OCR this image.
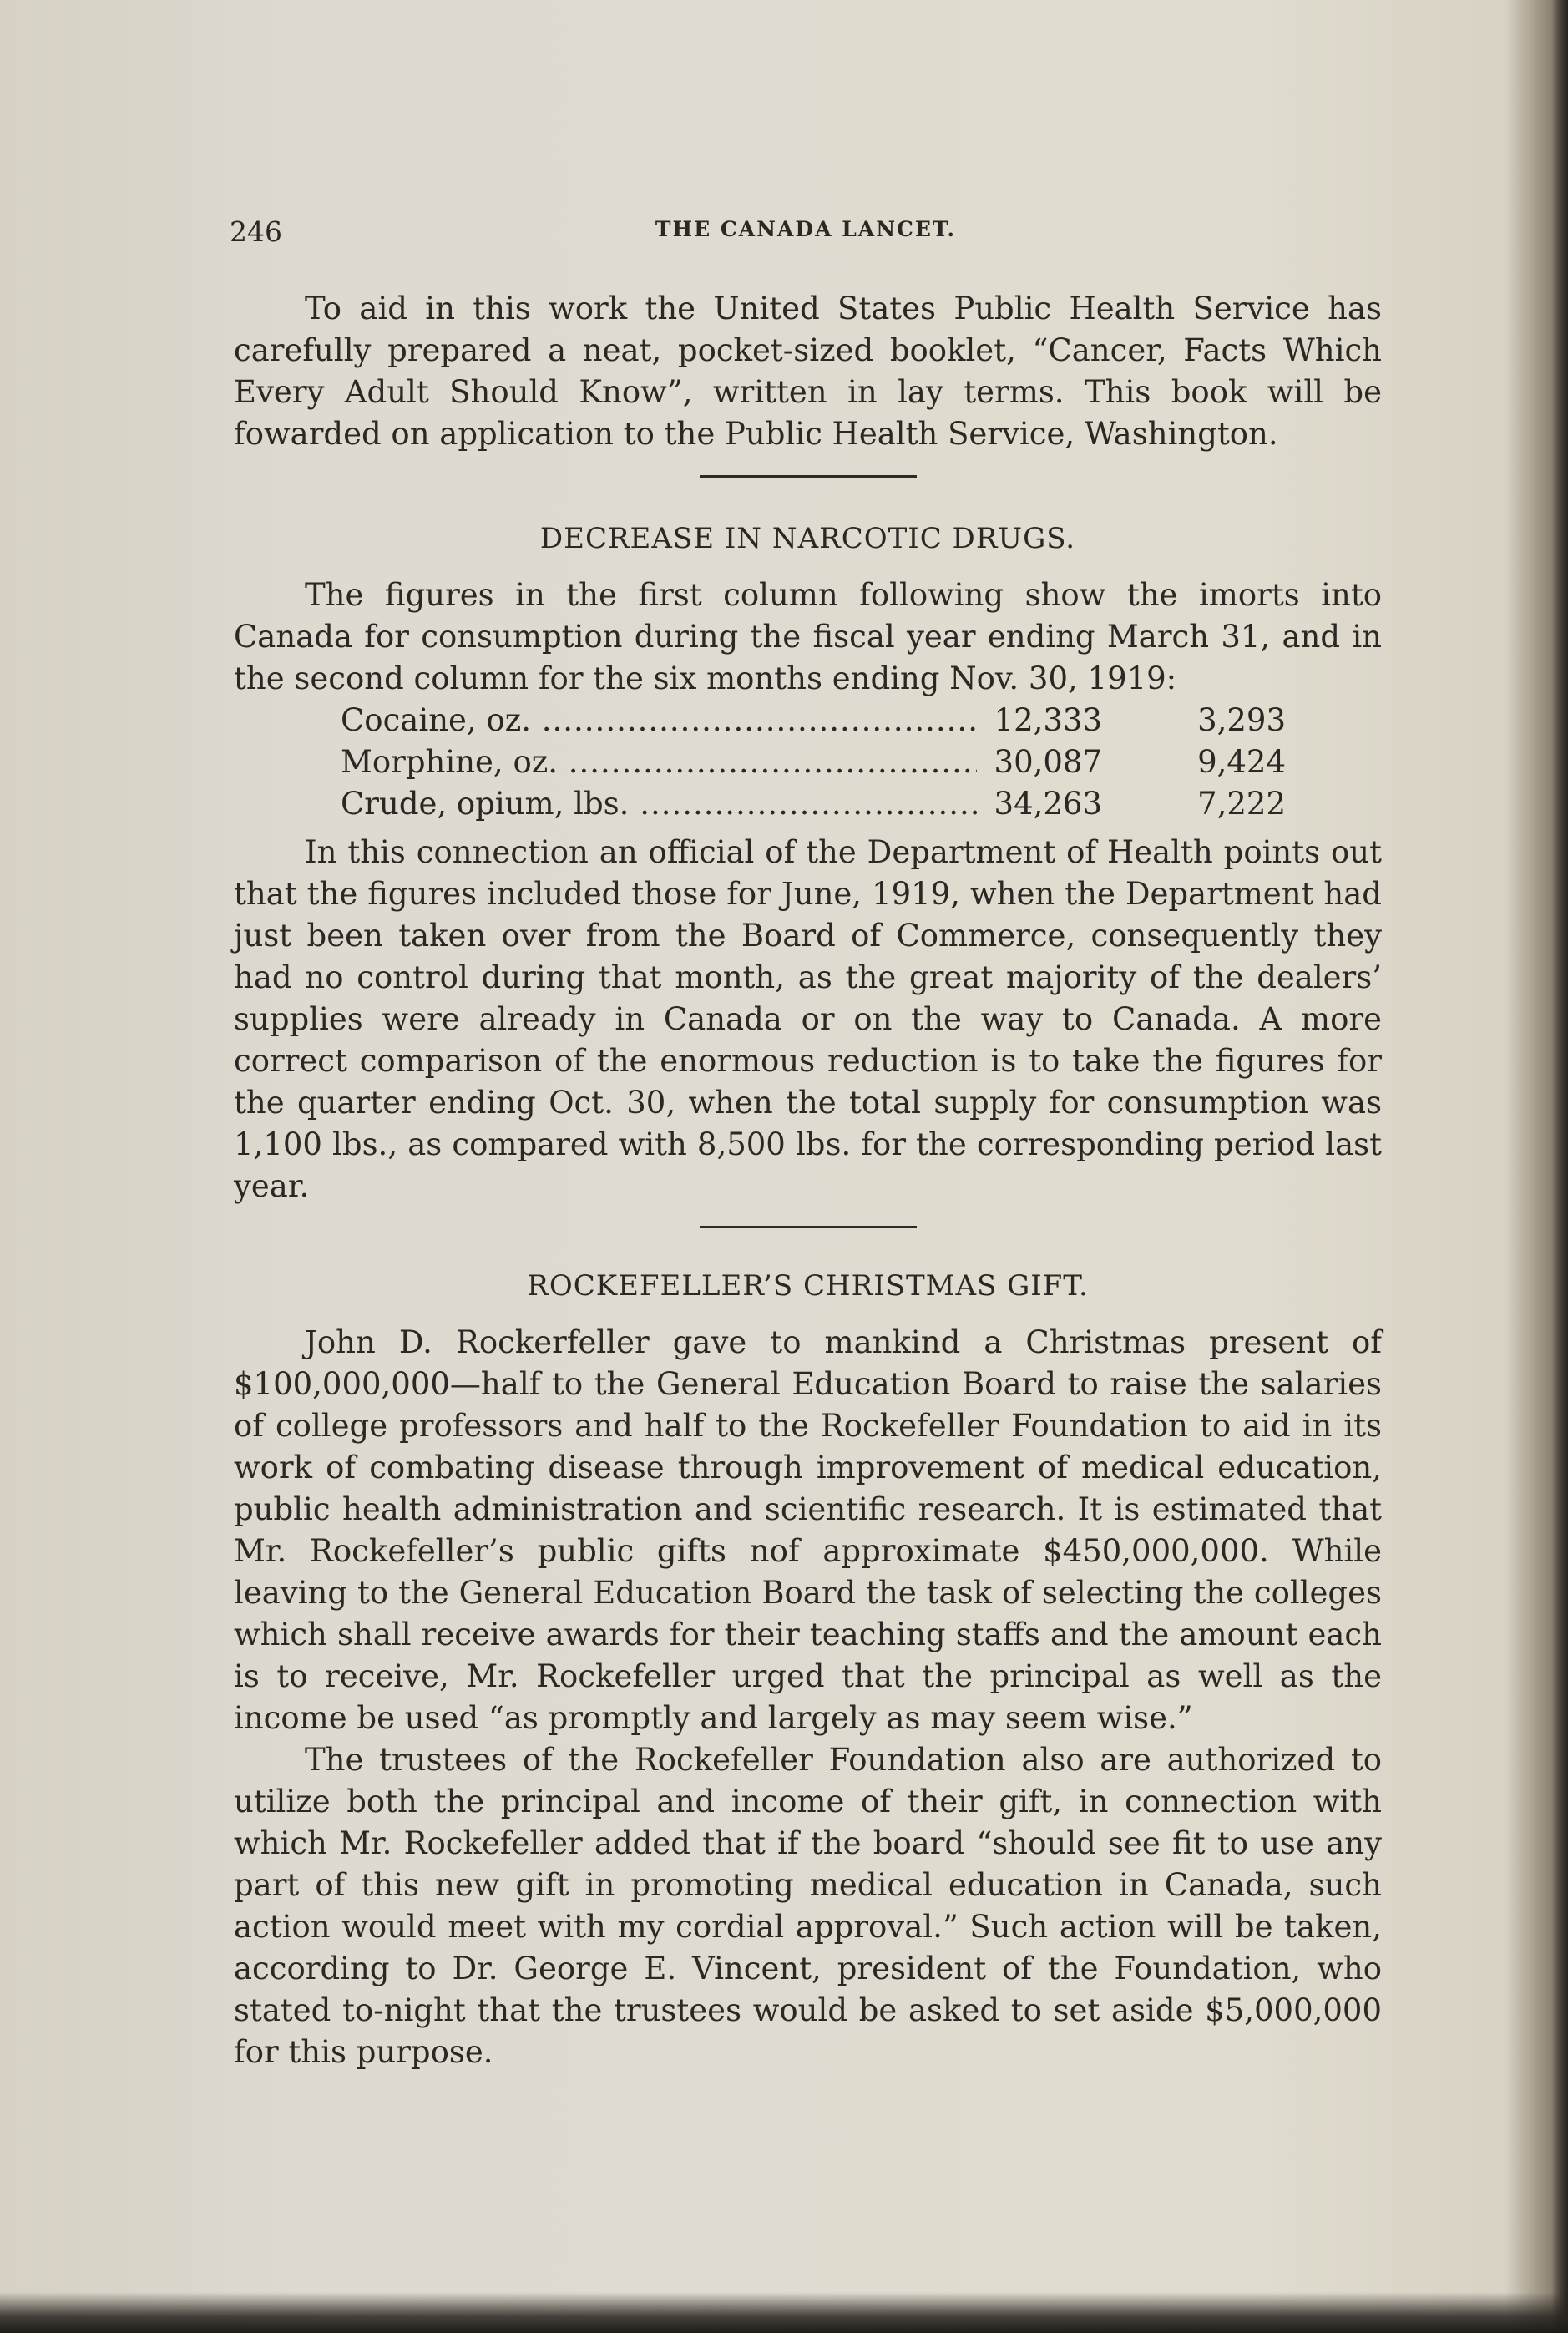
246	THE CANADA LANCET.

To aid in this work the United States Public Health Service has carefully prepared a neat, pocket-sized booklet, “Cancer, Facts Which Every Adult Should Know”, written in lay terms. This book will be fowarded on application to the Public Health Service, Washington.

DECREASE IN NARCOTIC DRUGS.

The figures in the first column following show the imorts into Canada for consumption during the fiscal year ending March 31, and in the second column for the six months ending Nov. 30, 1919:

Cocaine, oz. .....	12,333	3,293
Morphine, oz. .....	30,087	9,424
Crude, opium, lbs. .....	34,263	7,222

In this connection an official of the Department of Health points out that the figures included those for June, 1919, when the Department had just been taken over from the Board of Commerce, consequently they had no control during that month, as the great majority of the dealers’ supplies were already in Canada or on the way to Canada. A more correct comparison of the enormous reduction is to take the figures for the quarter ending Oct. 30, when the total supply for consumption was 1,100 lbs., as compared with 8,500 lbs. for the corresponding period last year.

ROCKEFELLER’S CHRISTMAS GIFT.

John D. Rockerfeller gave to mankind a Christmas present of $100,000,000—half to the General Education Board to raise the salaries of college professors and half to the Rockefeller Foundation to aid in its work of combating disease through improvement of medical education, public health administration and scientific research. It is estimated that Mr. Rockefeller’s public gifts nof approximate $450,000,000. While leaving to the General Education Board the task of selecting the colleges which shall receive awards for their teaching staffs and the amount each is to receive, Mr. Rockefeller urged that the principal as well as the income be used “as promptly and largely as may seem wise.”

The trustees of the Rockefeller Foundation also are authorized to utilize both the principal and income of their gift, in connection with which Mr. Rockefeller added that if the board “should see fit to use any part of this new gift in promoting medical education in Canada, such action would meet with my cordial approval.” Such action will be taken, according to Dr. George E. Vincent, president of the Foundation, who stated to-night that the trustees would be asked to set aside $5,000,000 for this purpose.
